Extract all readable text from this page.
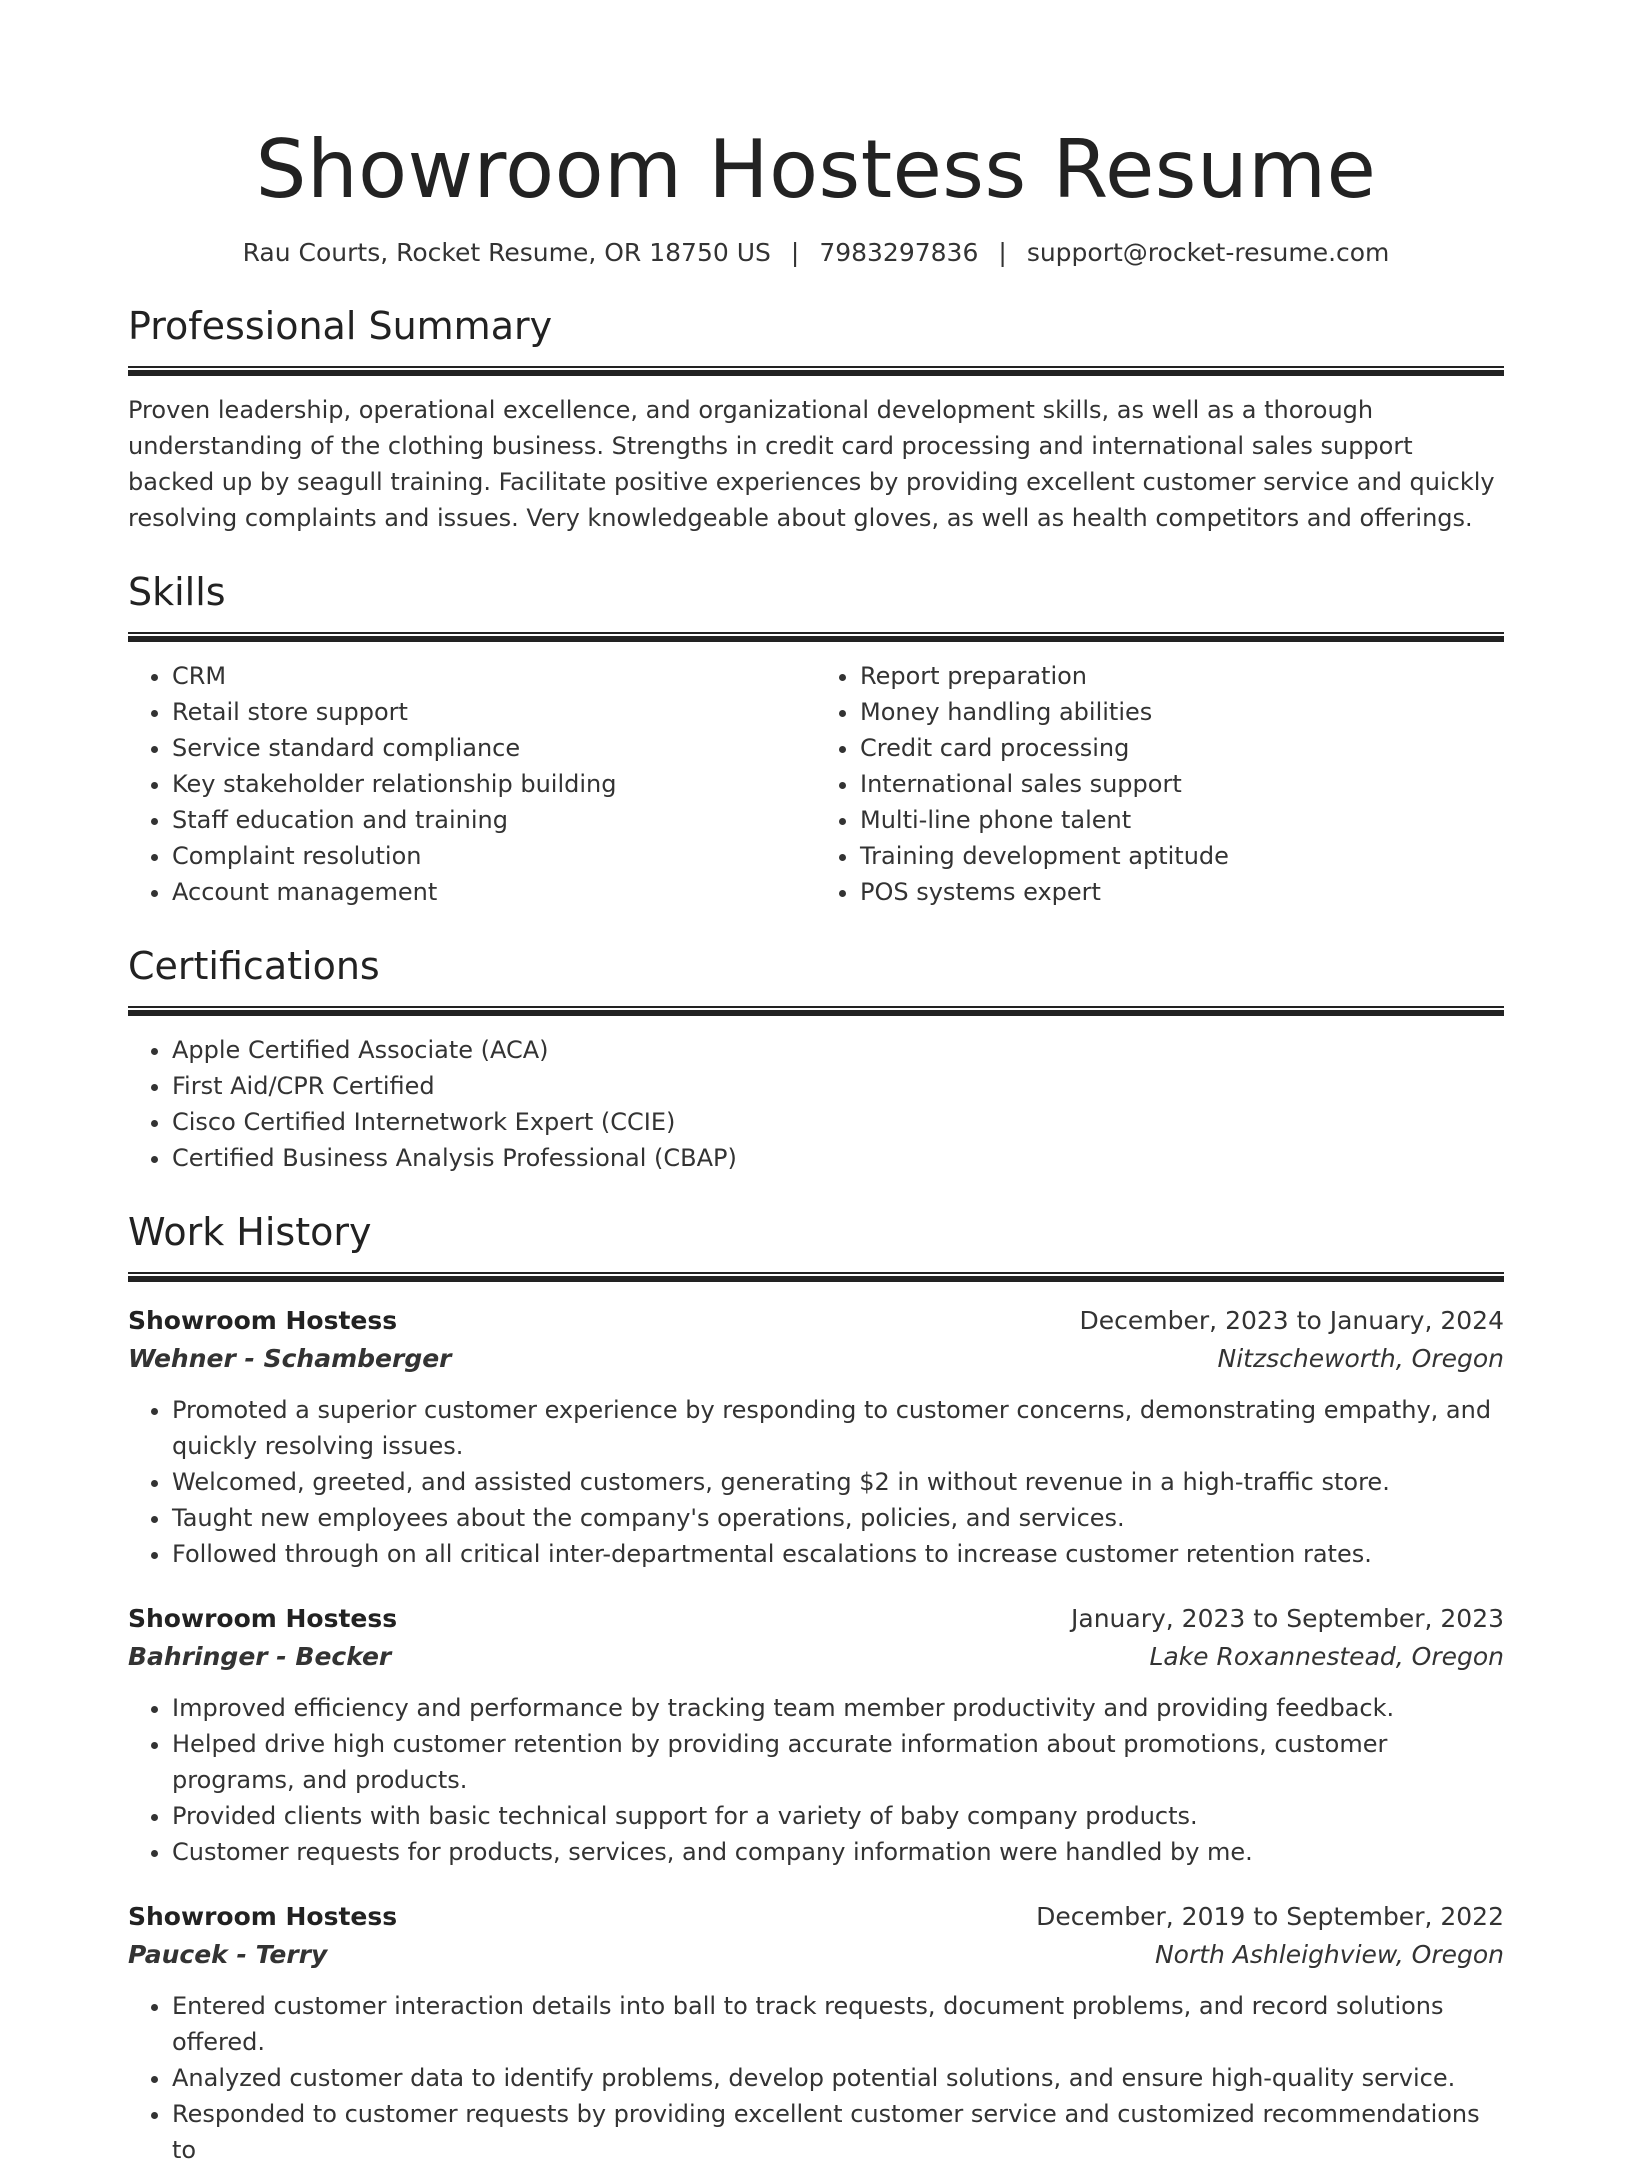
Showroom Hostess Resume
Rau Courts, Rocket Resume, OR 18750 US | 7983297836 | support@rocket-resume.com
Professional Summary

Proven leadership, operational excellence, and organizational development skills, as well as a thorough understanding of the clothing business. Strengths in credit card processing and international sales support backed up by seagull training. Facilitate positive experiences by providing excellent customer service and quickly resolving complaints and issues. Very knowledgeable about gloves, as well as health competitors and offerings.

Skills
• CRM
• Retail store support
• Service standard compliance
• Key stakeholder relationship building
• Staff education and training
• Complaint resolution
• Account management
• Report preparation
• Money handling abilities
• Credit card processing
• International sales support
• Multi-line phone talent
• Training development aptitude
• POS systems expert
Certifications
• Apple Certified Associate (ACA)
• First Aid/CPR Certified
• Cisco Certified Internetwork Expert (CCIE)
• Certified Business Analysis Professional (CBAP)
Work History
Showroom Hostess	December, 2023 to January, 2024
Wehner - Schamberger	Nitzscheworth, Oregon
• Promoted a superior customer experience by responding to customer concerns, demonstrating empathy, and quickly resolving issues.
• Welcomed, greeted, and assisted customers, generating $2 in without revenue in a high-traffic store.
• Taught new employees about the company's operations, policies, and services.
• Followed through on all critical inter-departmental escalations to increase customer retention rates.
Showroom Hostess	January, 2023 to September, 2023
Bahringer - Becker	Lake Roxannestead, Oregon
• Improved efficiency and performance by tracking team member productivity and providing feedback.
• Helped drive high customer retention by providing accurate information about promotions, customer programs, and products.
• Provided clients with basic technical support for a variety of baby company products.
• Customer requests for products, services, and company information were handled by me.
Showroom Hostess	December, 2019 to September, 2022
Paucek - Terry	North Ashleighview, Oregon
• Entered customer interaction details into ball to track requests, document problems, and record solutions offered.
• Analyzed customer data to identify problems, develop potential solutions, and ensure high-quality service.
• Responded to customer requests by providing excellent customer service and customized recommendations to
